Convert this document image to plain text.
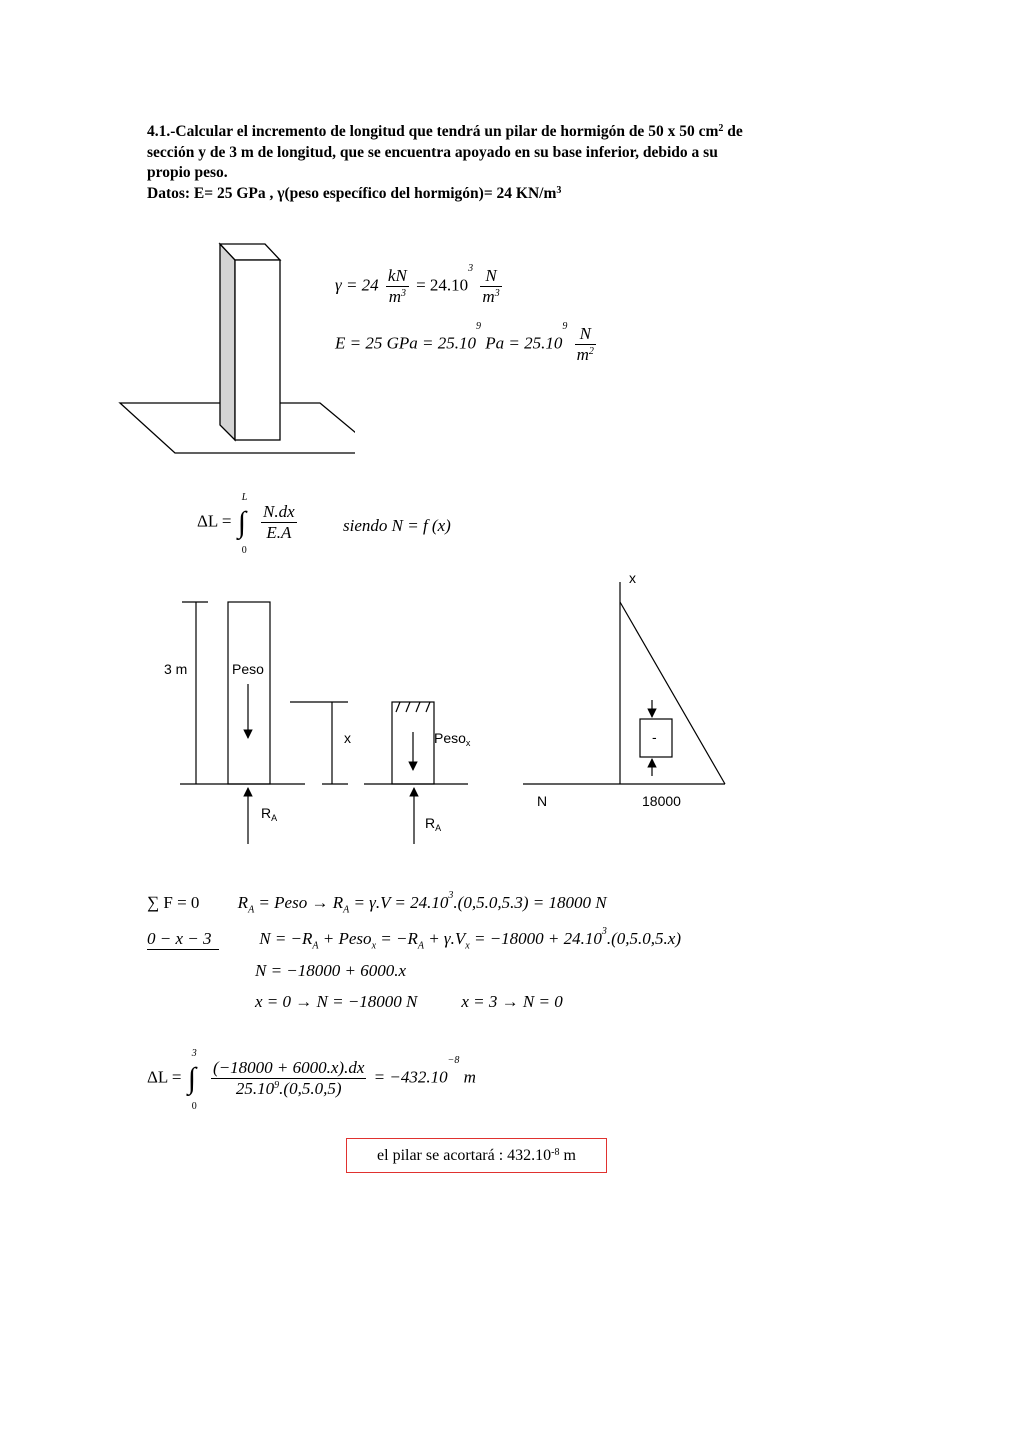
4.1.-Calcular el incremento de longitud que tendrá un pilar de hormigón de 50 x 50 $cm^2$ de
sección y de 3 m de longitud, que se encuentra apoyado en su base inferior, debido a su
propio peso.
Datos: E= 25 GPa , γ(peso específico del hormigón)= 24 $KN/m^3$
$\gamma = 24 \frac{kN}{m^3} = 24.10^3 \frac{N}{m^3}$
E = 25 GPa = $25.10^9$ $Pa = 25.10^9 \frac{N}{m^2}$
ΔL = ∫
L
0

$\frac{N.dx}{E.A}$	siendo N = f (x)
3 m	Peso
$R_A$
x	Peso$_x$
$R_A$
x
N
-
18000
∑ F = 0 $R_A$ = Peso → $R_A = \gamma.V = 24.10^3.(0,5.0,5.3) = 18000$ N
0 − x − 3	$N = -R_A$ + Peso$_x$ = $-R_A + \gamma.V_x = -18000 + 24.10^3.(0,5.0,5.x)$
N = −18000 + 6000.x
x = 0 → N = −18000 N	x = 3 → N = 0
ΔL = ∫
3
0

$\frac{(-18000 + 6000.x).dx}{25.10^9.(0,5.0,5)} = -432.10^{-8}$ m
el pilar se acortará : $432.10^{-8}$ m
